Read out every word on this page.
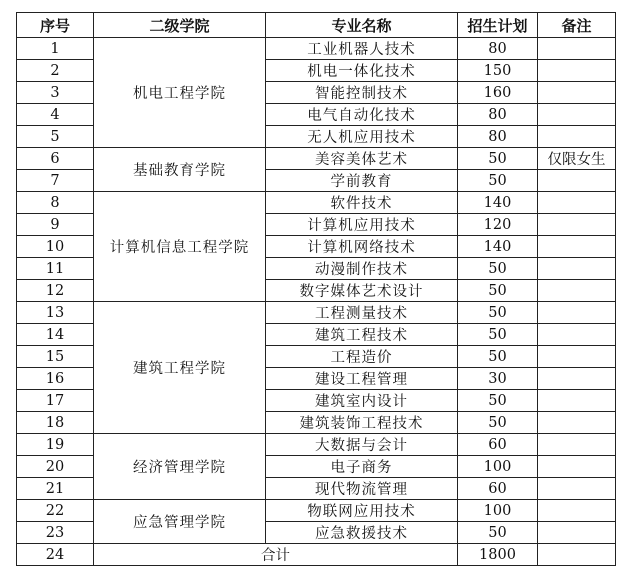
序号	二级学院	专业名称	招生计划	备注
1	机电工程学院	工业机器人技术	80	
2		机电一体化技术	150	
3		智能控制技术	160	
4		电气自动化技术	80	
5		无人机应用技术	80	
6	基础教育学院	美容美体艺术	50	仅限女生
7		学前教育	50	
8	计算机信息工程学院	软件技术	140	
9		计算机应用技术	120	
10		计算机网络技术	140	
11		动漫制作技术	50	
12		数字媒体艺术设计	50	
13	建筑工程学院	工程测量技术	50	
14		建筑工程技术	50	
15		工程造价	50	
16		建设工程管理	30	
17		建筑室内设计	50	
18		建筑装饰工程技术	50	
19	经济管理学院	大数据与会计	60	
20		电子商务	100	
21		现代物流管理	60	
22	应急管理学院	物联网应用技术	100	
23		应急救援技术	50	
24	合计		1800	
